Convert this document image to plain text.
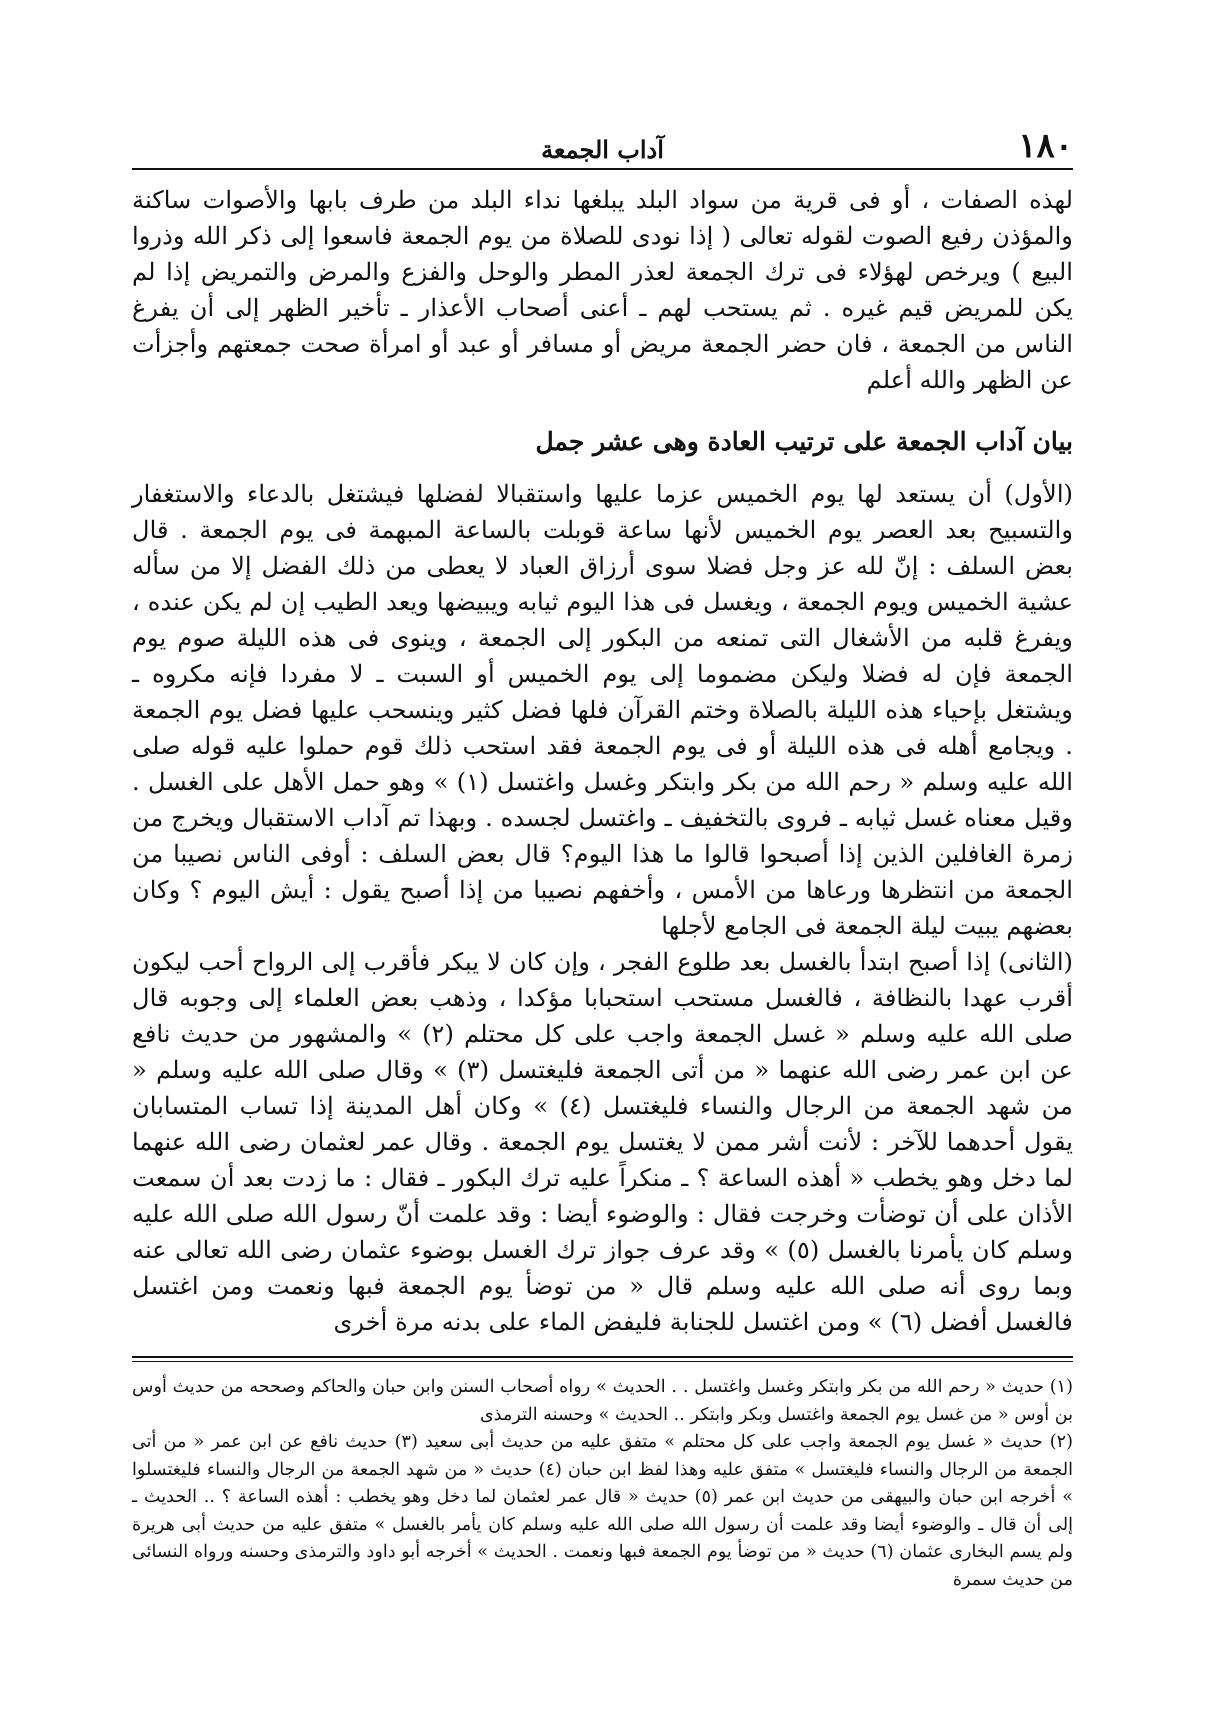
١٨٠
آداب الجمعة

لهذه الصفات ، أو فى قرية من سواد البلد يبلغها نداء البلد من طرف بابها والأصوات ساكنة والمؤذن رفيع الصوت لقوله تعالى ( إذا نودى للصلاة من يوم الجمعة فاسعوا إلى ذكر الله وذروا البيع ) ويرخص لهؤلاء فى ترك الجمعة لعذر المطر والوحل والفزع والمرض والتمريض إذا لم يكن للمريض قيم غيره . ثم يستحب لهم ـ أعنى أصحاب الأعذار ـ تأخير الظهر إلى أن يفرغ الناس من الجمعة ، فان حضر الجمعة مريض أو مسافر أو عبد أو امرأة صحت جمعتهم وأجزأت عن الظهر والله أعلم

بيان آداب الجمعة على ترتيب العادة وهى عشر جمل

(الأول) أن يستعد لها يوم الخميس عزما عليها واستقبالا لفضلها فيشتغل بالدعاء والاستغفار والتسبيح بعد العصر يوم الخميس لأنها ساعة قوبلت بالساعة المبهمة فى يوم الجمعة . قال بعض السلف : إنّ لله عز وجل فضلا سوى أرزاق العباد لا يعطى من ذلك الفضل إلا من سأله عشية الخميس ويوم الجمعة ، ويغسل فى هذا اليوم ثيابه ويبيضها ويعد الطيب إن لم يكن عنده ، ويفرغ قلبه من الأشغال التى تمنعه من البكور إلى الجمعة ، وينوى فى هذه الليلة صوم يوم الجمعة فإن له فضلا وليكن مضموما إلى يوم الخميس أو السبت ـ لا مفردا فإنه مكروه ـ ويشتغل بإحياء هذه الليلة بالصلاة وختم القرآن فلها فضل كثير وينسحب عليها فضل يوم الجمعة . ويجامع أهله فى هذه الليلة أو فى يوم الجمعة فقد استحب ذلك قوم حملوا عليه قوله صلى الله عليه وسلم « رحم الله من بكر وابتكر وغسل واغتسل (١) » وهو حمل الأهل على الغسل . وقيل معناه غسل ثيابه ـ فروى بالتخفيف ـ واغتسل لجسده . وبهذا تم آداب الاستقبال ويخرج من زمرة الغافلين الذين إذا أصبحوا قالوا ما هذا اليوم؟ قال بعض السلف : أوفى الناس نصيبا من الجمعة من انتظرها ورعاها من الأمس ، وأخفهم نصيبا من إذا أصبح يقول : أيش اليوم ؟ وكان بعضهم يبيت ليلة الجمعة فى الجامع لأجلها

(الثانى) إذا أصبح ابتدأ بالغسل بعد طلوع الفجر ، وإن كان لا يبكر فأقرب إلى الرواح أحب ليكون أقرب عهدا بالنظافة ، فالغسل مستحب استحبابا مؤكدا ، وذهب بعض العلماء إلى وجوبه قال صلى الله عليه وسلم « غسل الجمعة واجب على كل محتلم (٢) » والمشهور من حديث نافع عن ابن عمر رضى الله عنهما « من أتى الجمعة فليغتسل (٣) » وقال صلى الله عليه وسلم « من شهد الجمعة من الرجال والنساء فليغتسل (٤) » وكان أهل المدينة إذا تساب المتسابان يقول أحدهما للآخر : لأنت أشر ممن لا يغتسل يوم الجمعة . وقال عمر لعثمان رضى الله عنهما لما دخل وهو يخطب « أهذه الساعة ؟ ـ منكراً عليه ترك البكور ـ فقال : ما زدت بعد أن سمعت الأذان على أن توضأت وخرجت فقال : والوضوء أيضا : وقد علمت أنّ رسول الله صلى الله عليه وسلم كان يأمرنا بالغسل (٥) » وقد عرف جواز ترك الغسل بوضوء عثمان رضى الله تعالى عنه وبما روى أنه صلى الله عليه وسلم قال « من توضأ يوم الجمعة فبها ونعمت ومن اغتسل فالغسل أفضل (٦) » ومن اغتسل للجنابة فليفض الماء على بدنه مرة أخرى

(١) حديث « رحم الله من بكر وابتكر وغسل واغتسل . . الحديث » رواه أصحاب السنن وابن حبان والحاكم وصححه من حديث أوس بن أوس « من غسل يوم الجمعة واغتسل وبكر وابتكر .. الحديث » وحسنه الترمذى

(٢) حديث « غسل يوم الجمعة واجب على كل محتلم » متفق عليه من حديث أبى سعيد (٣) حديث نافع عن ابن عمر « من أتى الجمعة من الرجال والنساء فليغتسل » متفق عليه وهذا لفظ ابن حبان (٤) حديث « من شهد الجمعة من الرجال والنساء فليغتسلوا » أخرجه ابن حبان والبيهقى من حديث ابن عمر (٥) حديث « قال عمر لعثمان لما دخل وهو يخطب : أهذه الساعة ؟ .. الحديث ـ إلى أن قال ـ والوضوء أيضا وقد علمت أن رسول الله صلى الله عليه وسلم كان يأمر بالغسل » متفق عليه من حديث أبى هريرة ولم يسم البخارى عثمان (٦) حديث « من توضأ يوم الجمعة فبها ونعمت . الحديث » أخرجه أبو داود والترمذى وحسنه ورواه النسائى من حديث سمرة
